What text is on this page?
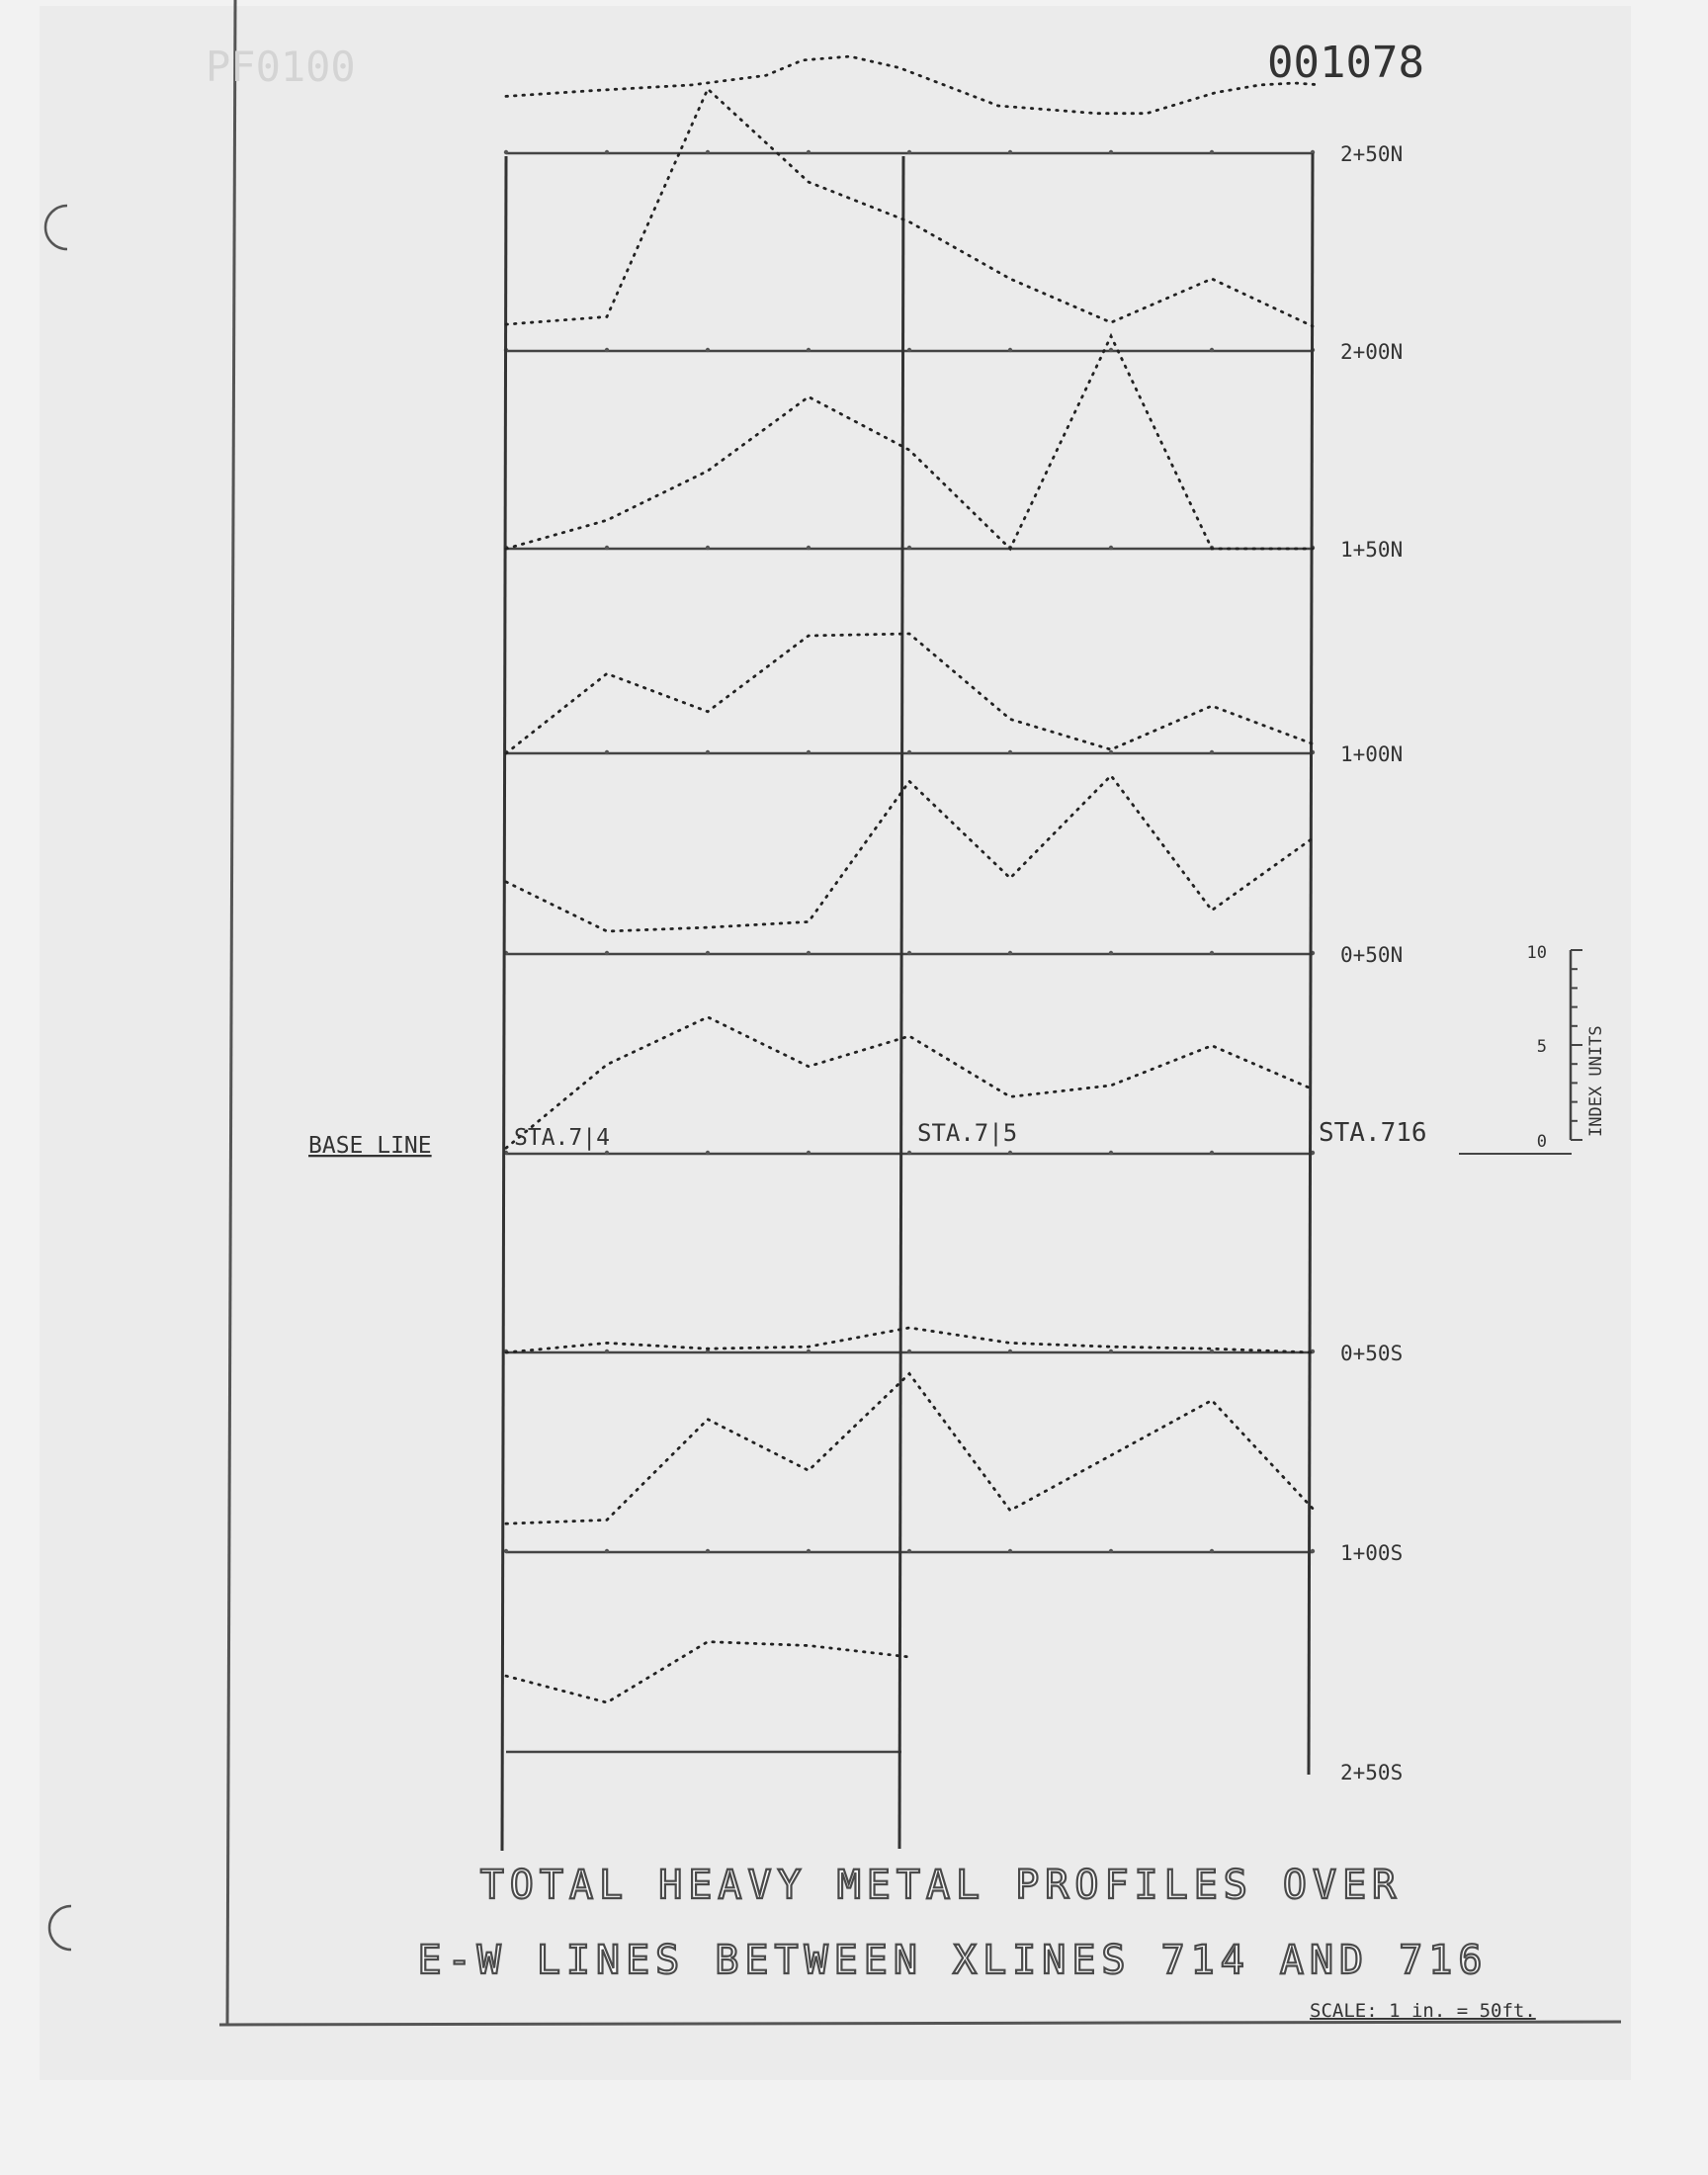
PF0100	001078
2+50N
2+00N
1+50N
1+00N
0+50N
0+50S
1+00S
2+50S
BASE LINE	STA.7|4	STA.7|5	STA.716
10
5
0
INDEX UNITS
TOTAL HEAVY METAL PROFILES OVER
E-W LINES BETWEEN XLINES 714 AND 716
SCALE: 1 in. = 50ft.
